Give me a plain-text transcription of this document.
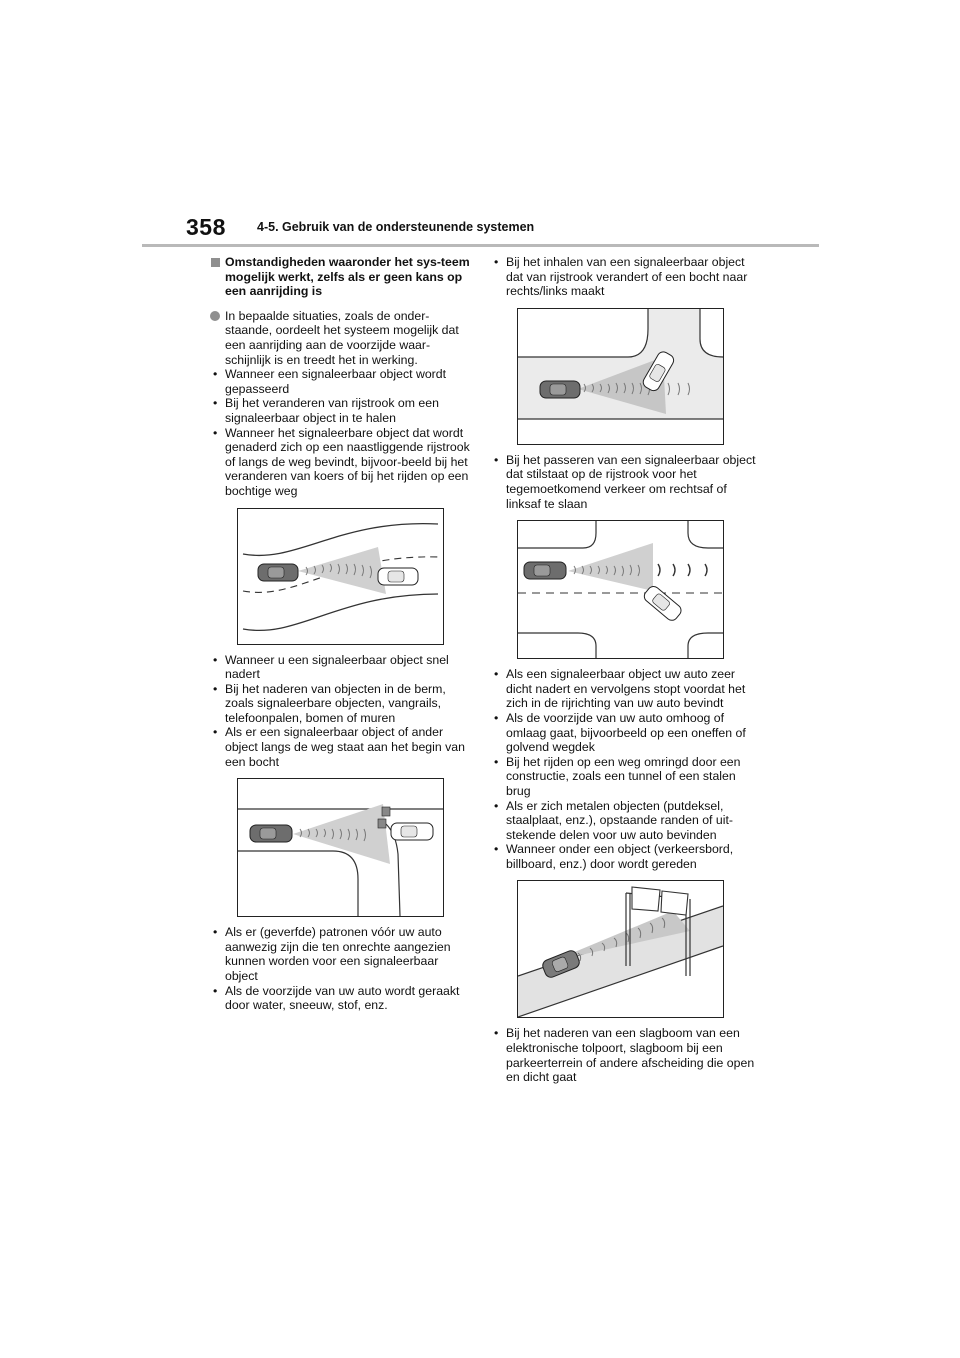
358 4-5. Gebruik van de ondersteunende systemen
Omstandigheden waaronder het sys-teem mogelijk werkt, zelfs als er geen kans op een aanrijding is
In bepaalde situaties, zoals de onder-staande, oordeelt het systeem mogelijk dat een aanrijding aan de voorzijde waar-schijnlijk is en treedt het in werking.
• Wanneer een signaleerbaar object wordt gepasseerd
• Bij het veranderen van rijstrook om een signaleerbaar object in te halen
• Wanneer het signaleerbare object dat wordt genaderd zich op een naastliggende rijstrook of langs de weg bevindt, bijvoor-beeld bij het veranderen van koers of bij het rijden op een bochtige weg
• Wanneer u een signaleerbaar object snel nadert
• Bij het naderen van objecten in de berm, zoals signaleerbare objecten, vangrails, telefoonpalen, bomen of muren
• Als er een signaleerbaar object of ander object langs de weg staat aan het begin van een bocht
• Als er (geverfde) patronen vóór uw auto aanwezig zijn die ten onrechte aangezien kunnen worden voor een signaleerbaar object
• Als de voorzijde van uw auto wordt geraakt door water, sneeuw, stof, enz.
• Bij het inhalen van een signaleerbaar object dat van rijstrook verandert of een bocht naar rechts/links maakt
• Bij het passeren van een signaleerbaar object dat stilstaat op de rijstrook voor het tegemoetkomend verkeer om rechtsaf of linksaf te slaan
• Als een signaleerbaar object uw auto zeer dicht nadert en vervolgens stopt voordat het zich in de rijrichting van uw auto bevindt
• Als de voorzijde van uw auto omhoog of omlaag gaat, bijvoorbeeld op een oneffen of golvend wegdek
• Bij het rijden op een weg omringd door een constructie, zoals een tunnel of een stalen brug
• Als er zich metalen objecten (putdeksel, staalplaat, enz.), opstaande randen of uit-stekende delen voor uw auto bevinden
• Wanneer onder een object (verkeersbord, billboard, enz.) door wordt gereden
• Bij het naderen van een slagboom van een elektronische tolpoort, slagboom bij een parkeerterrein of andere afscheiding die open en dicht gaat
